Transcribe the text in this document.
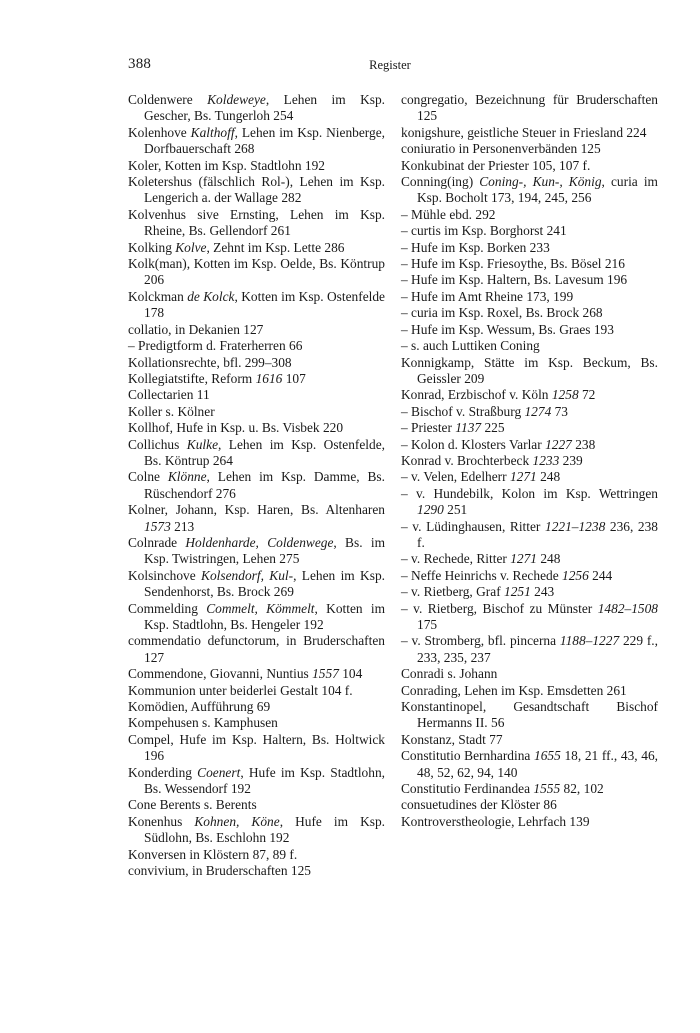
388	Register
Coldenwere Koldeweye, Lehen im Ksp. Gescher, Bs. Tungerloh 254
Kolenhove Kalthoff, Lehen im Ksp. Nienberge, Dorfbauerschaft 268
Koler, Kotten im Ksp. Stadtlohn 192
Koletershus (fälschlich Rol-), Lehen im Ksp. Lengerich a. der Wallage 282
Kolvenhus sive Ernsting, Lehen im Ksp. Rheine, Bs. Gellendorf 261
Kolking Kolve, Zehnt im Ksp. Lette 286
Kolk(man), Kotten im Ksp. Oelde, Bs. Köntrup 206
Kolckman de Kolck, Kotten im Ksp. Ostenfelde 178
collatio, in Dekanien 127
– Predigtform d. Fraterherren 66
Kollationsrechte, bfl. 299–308
Kollegiatstifte, Reform 1616 107
Collectarien 11
Koller s. Kölner
Kollhof, Hufe in Ksp. u. Bs. Visbek 220
Collichus Kulke, Lehen im Ksp. Ostenfelde, Bs. Köntrup 264
Colne Klönne, Lehen im Ksp. Damme, Bs. Rüschendorf 276
Kolner, Johann, Ksp. Haren, Bs. Altenharen 1573 213
Colnrade Holdenharde, Coldenwege, Bs. im Ksp. Twistringen, Lehen 275
Kolsinchove Kolsendorf, Kul-, Lehen im Ksp. Sendenhorst, Bs. Brock 269
Commelding Commelt, Kömmelt, Kotten im Ksp. Stadtlohn, Bs. Hengeler 192
commendatio defunctorum, in Bruderschaften 127
Commendone, Giovanni, Nuntius 1557 104
Kommunion unter beiderlei Gestalt 104 f.
Komödien, Aufführung 69
Kompehusen s. Kamphusen
Compel, Hufe im Ksp. Haltern, Bs. Holtwick 196
Konderding Coenert, Hufe im Ksp. Stadtlohn, Bs. Wessendorf 192
Cone Berents s. Berents
Konenhus Kohnen, Köne, Hufe im Ksp. Südlohn, Bs. Eschlohn 192
Konversen in Klöstern 87, 89 f.
convivium, in Bruderschaften 125
congregatio, Bezeichnung für Bruderschaften 125
konigshure, geistliche Steuer in Friesland 224
coniuratio in Personenverbänden 125
Konkubinat der Priester 105, 107 f.
Conning(ing) Coning-, Kun-, König, curia im Ksp. Bocholt 173, 194, 245, 256
– Mühle ebd. 292
– curtis im Ksp. Borghorst 241
– Hufe im Ksp. Borken 233
– Hufe im Ksp. Friesoythe, Bs. Bösel 216
– Hufe im Ksp. Haltern, Bs. Lavesum 196
– Hufe im Amt Rheine 173, 199
– curia im Ksp. Roxel, Bs. Brock 268
– Hufe im Ksp. Wessum, Bs. Graes 193
– s. auch Luttiken Coning
Konnigkamp, Stätte im Ksp. Beckum, Bs. Geissler 209
Konrad, Erzbischof v. Köln 1258 72
– Bischof v. Straßburg 1274 73
– Priester 1137 225
– Kolon d. Klosters Varlar 1227 238
Konrad v. Brochterbeck 1233 239
– v. Velen, Edelherr 1271 248
– v. Hundebilk, Kolon im Ksp. Wettringen 1290 251
– v. Lüdinghausen, Ritter 1221–1238 236, 238 f.
– v. Rechede, Ritter 1271 248
– Neffe Heinrichs v. Rechede 1256 244
– v. Rietberg, Graf 1251 243
– v. Rietberg, Bischof zu Münster 1482–1508 175
– v. Stromberg, bfl. pincerna 1188–1227 229 f., 233, 235, 237
Conradi s. Johann
Conrading, Lehen im Ksp. Emsdetten 261
Konstantinopel, Gesandtschaft Bischof Hermanns II. 56
Konstanz, Stadt 77
Constitutio Bernhardina 1655 18, 21 ff., 43, 46, 48, 52, 62, 94, 140
Constitutio Ferdinandea 1555 82, 102
consuetudines der Klöster 86
Kontroverstheologie, Lehrfach 139
